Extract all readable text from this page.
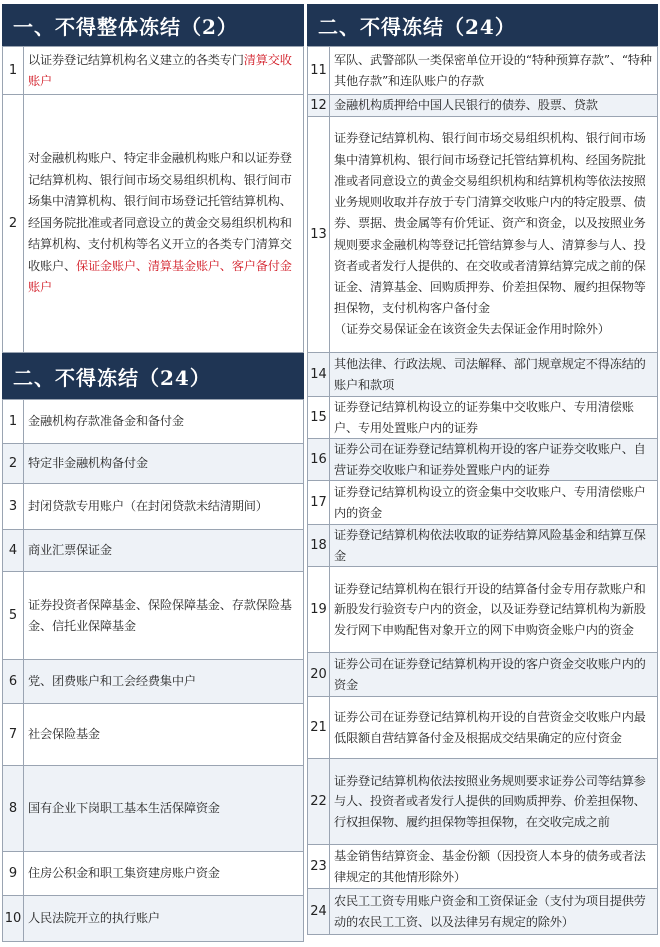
一、不得整体冻结（2）
1	以证券登记结算机构名义建立的各类专门清算交收账户
2	对金融机构账户、特定非金融机构账户和以证券登记结算机构、银行间市场交易组织机构、银行间市场集中清算机构、银行间市场登记托管结算机构、经国务院批准或者同意设立的黄金交易组织机构和结算机构、支付机构等名义开立的各类专门清算交收账户、保证金账户、清算基金账户、客户备付金账户
二、不得冻结（24）
1	金融机构存款准备金和备付金
2	特定非金融机构备付金
3	封闭贷款专用账户（在封闭贷款未结清期间）
4	商业汇票保证金
5	证券投资者保障基金、保险保障基金、存款保险基金、信托业保障基金
6	党、团费账户和工会经费集中户
7	社会保险基金
8	国有企业下岗职工基本生活保障资金
9	住房公积金和职工集资建房账户资金
10	人民法院开立的执行账户
二、不得冻结（24）
11	军队、武警部队一类保密单位开设的“特种预算存款”、“特种其他存款”和连队账户的存款
12	金融机构质押给中国人民银行的债券、股票、贷款
13	证券登记结算机构、银行间市场交易组织机构、银行间市场集中清算机构、银行间市场登记托管结算机构、经国务院批准或者同意设立的黄金交易组织机构和结算机构等依法按照业务规则收取并存放于专门清算交收账户内的特定股票、债券、票据、贵金属等有价凭证、资产和资金，以及按照业务规则要求金融机构等登记托管结算参与人、清算参与人、投资者或者发行人提供的、在交收或者清算结算完成之前的保证金、清算基金、回购质押券、价差担保物、履约担保物等担保物，支付机构客户备付金
（证券交易保证金在该资金失去保证金作用时除外）
14	其他法律、行政法规、司法解释、部门规章规定不得冻结的账户和款项
15	证券登记结算机构设立的证券集中交收账户、专用清偿账户、专用处置账户内的证券
16	证券公司在证券登记结算机构开设的客户证券交收账户、自营证券交收账户和证券处置账户内的证券
17	证券登记结算机构设立的资金集中交收账户、专用清偿账户内的资金
18	证券登记结算机构依法收取的证券结算风险基金和结算互保金
19	证券登记结算机构在银行开设的结算备付金专用存款账户和新股发行验资专户内的资金，以及证券登记结算机构为新股发行网下申购配售对象开立的网下申购资金账户内的资金
20	证券公司在证券登记结算机构开设的客户资金交收账户内的资金
21	证券公司在证券登记结算机构开设的自营资金交收账户内最低限额自营结算备付金及根据成交结果确定的应付资金
22	证券登记结算机构依法按照业务规则要求证券公司等结算参与人、投资者或者发行人提供的回购质押券、价差担保物、行权担保物、履约担保物等担保物，在交收完成之前
23	基金销售结算资金、基金份额（因投资人本身的债务或者法律规定的其他情形除外）
24	农民工工资专用账户资金和工资保证金（支付为项目提供劳动的农民工工资、以及法律另有规定的除外）
